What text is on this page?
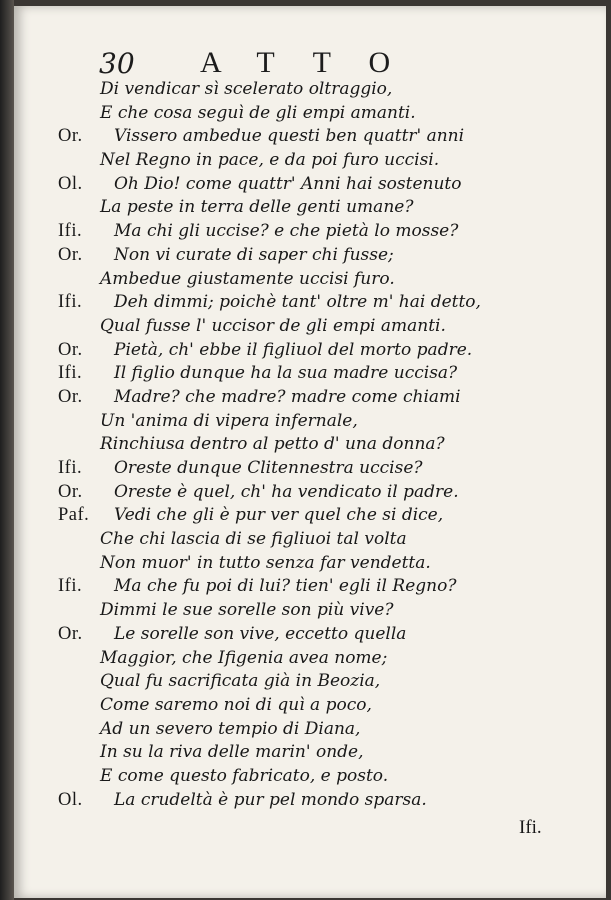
30 ATTO
Di vendicar sì scelerato oltraggio,
E che cosa seguì de gli empi amanti.
Or. Vissero ambedue questi ben quattr' anni
Nel Regno in pace, e da poi furo uccisi.
Ol. Oh Dio! come quattr' Anni hai sostenuto
La peste in terra delle genti umane?
Ifi. Ma chi gli uccise? e che pietà lo mosse?
Or. Non vi curate di saper chi fusse;
Ambedue giustamente uccisi furo.
Ifi. Deh dimmi; poichè tant' oltre m' hai detto,
Qual fusse l' uccisor de gli empi amanti.
Or. Pietà, ch' ebbe il figliuol del morto padre.
Ifi. Il figlio dunque ha la sua madre uccisa?
Or. Madre? che madre? madre come chiami
Un 'anima di vipera infernale,
Rinchiusa dentro al petto d' una donna?
Ifi. Oreste dunque Clitennestra uccise?
Or. Oreste è quel, ch' ha vendicato il padre.
Paf. Vedi che gli è pur ver quel che si dice,
Che chi lascia di se figliuoi tal volta
Non muor' in tutto senza far vendetta.
Ifi. Ma che fu poi di lui? tien' egli il Regno?
Dimmi le sue sorelle son più vive?
Or. Le sorelle son vive, eccetto quella
Maggior, che Ifigenia avea nome;
Qual fu sacrificata già in Beozia,
Come saremo noi di quì a poco,
Ad un severo tempio di Diana,
In su la riva delle marin' onde,
E come questo fabricato, e posto.
Ol. La crudeltà è pur pel mondo sparsa.
Ifi.
